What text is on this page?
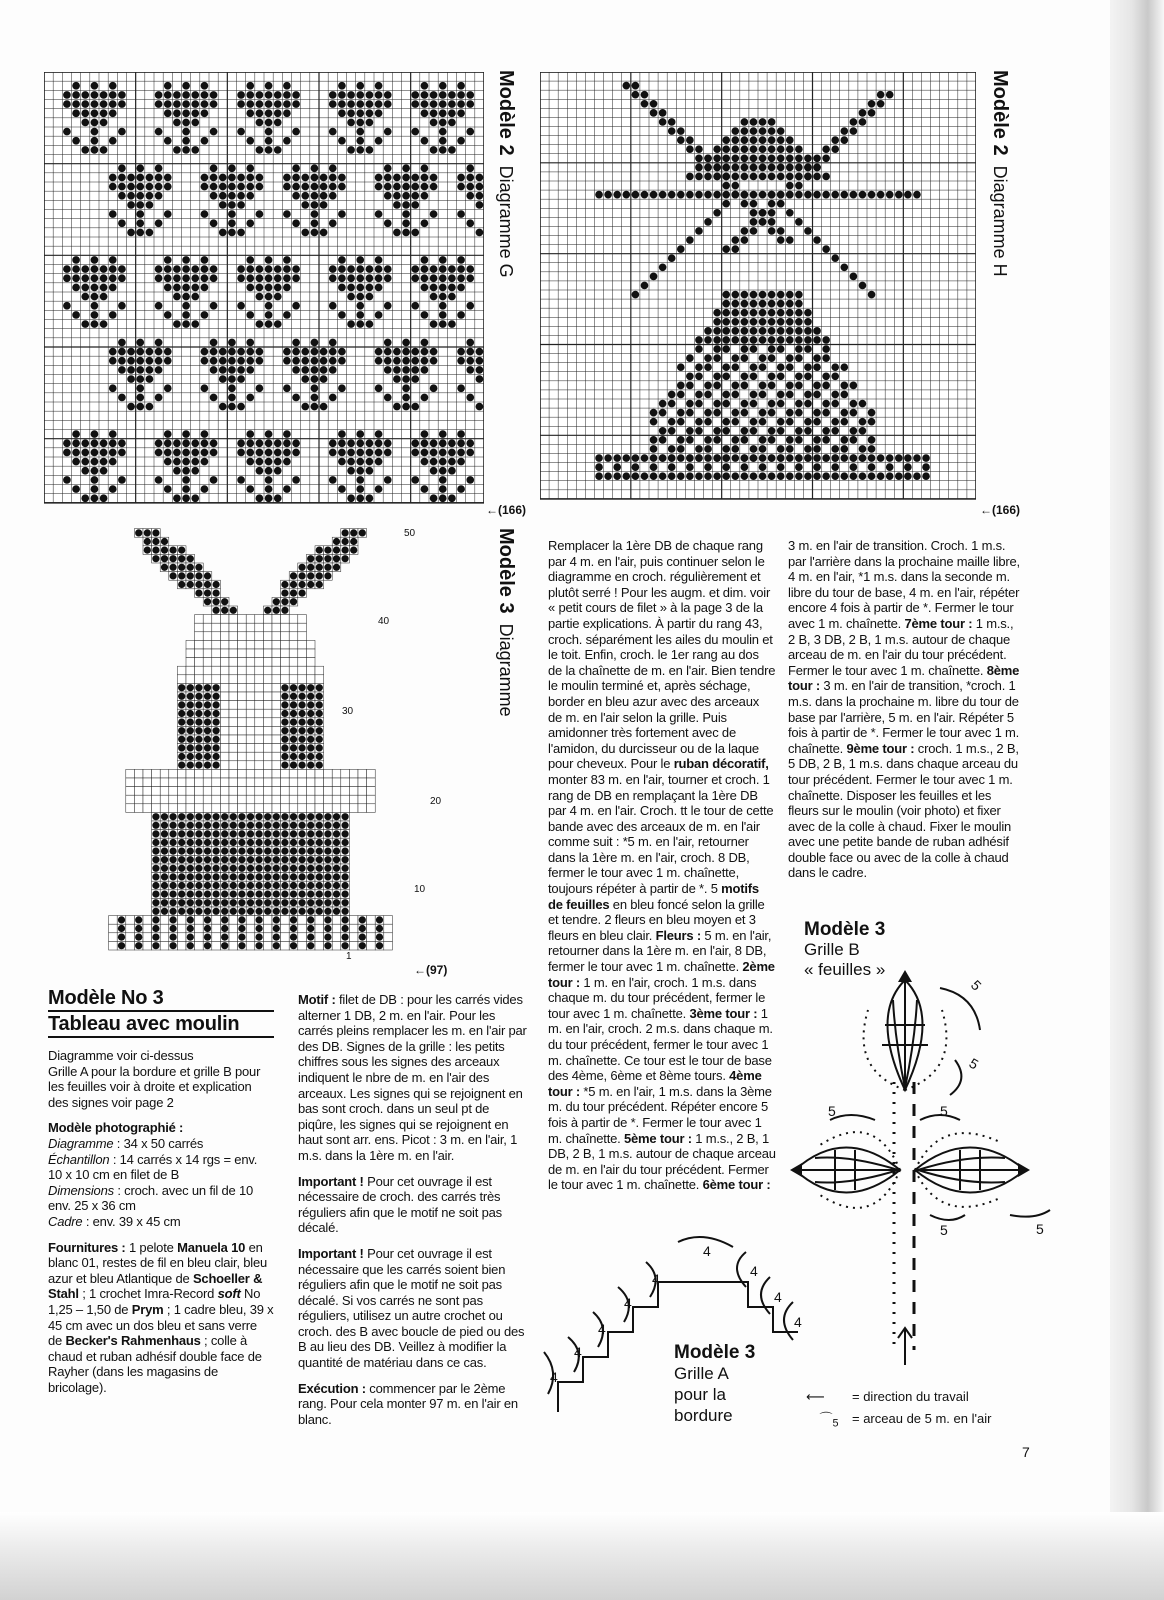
Modèle 2  Diagramme G
←(166)
Modèle 2  Diagramme H
←(166)
50
40
30
20
10
1
←(97)
Modèle 3  Diagramme
Modèle No 3
Tableau avec moulin

Diagramme voir ci-dessus
Grille A pour la bordure et grille B pour les feuilles voir à droite et explication des signes voir page 2

Modèle photographié :
Diagramme : 34 x 50 carrés
Échantillon : 14 carrés x 14 rgs = env. 10 x 10 cm en filet de B
Dimensions : croch. avec un fil de 10 env. 25 x 36 cm
Cadre : env. 39 x 45 cm

Fournitures : 1 pelote Manuela 10 en blanc 01, restes de fil en bleu clair, bleu azur et bleu Atlantique de Schoeller & Stahl ; 1 crochet Imra-Record soft No 1,25 – 1,50 de Prym ; 1 cadre bleu, 39 x 45 cm avec un dos bleu et sans verre de Becker's Rahmenhaus ; colle à chaud et ruban adhésif double face de Rayher (dans les magasins de bricolage).

Motif : filet de DB : pour les carrés vides alterner 1 DB, 2 m. en l'air. Pour les carrés pleins remplacer les m. en l'air par des DB. Signes de la grille : les petits chiffres sous les signes des arceaux indiquent le nbre de m. en l'air des arceaux. Les signes qui se rejoignent en bas sont croch. dans un seul pt de piqûre, les signes qui se rejoignent en haut sont arr. ens. Picot : 3 m. en l'air, 1 m.s. dans la 1ère m. en l'air.

Important ! Pour cet ouvrage il est nécessaire de croch. des carrés très réguliers afin que le motif ne soit pas décalé.

Important ! Pour cet ouvrage il est nécessaire que les carrés soient bien réguliers afin que le motif ne soit pas décalé. Si vos carrés ne sont pas réguliers, utilisez un autre crochet ou croch. des B avec boucle de pied ou des B au lieu des DB. Veillez à modifier la quantité de matériau dans ce cas.

Exécution : commencer par le 2ème rang. Pour cela monter 97 m. en l'air en blanc.

Remplacer la 1ère DB de chaque rang par 4 m. en l'air, puis continuer selon le diagramme en croch. régulièrement et plutôt serré ! Pour les augm. et dim. voir « petit cours de filet » à la page 3 de la partie explications. À partir du rang 43, croch. séparément les ailes du moulin et le toit. Enfin, croch. le 1er rang au dos de la chaînette de m. en l'air. Bien tendre le moulin terminé et, après séchage, border en bleu azur avec des arceaux de m. en l'air selon la grille. Puis amidonner très fortement avec de l'amidon, du durcisseur ou de la laque pour cheveux. Pour le ruban décoratif, monter 83 m. en l'air, tourner et croch. 1 rang de DB en remplaçant la 1ère DB par 4 m. en l'air. Croch. tt le tour de cette bande avec des arceaux de m. en l'air comme suit : *5 m. en l'air, retourner dans la 1ère m. en l'air, croch. 8 DB, fermer le tour avec 1 m. chaînette, toujours répéter à partir de *. 5 motifs de feuilles en bleu foncé selon la grille et tendre. 2 fleurs en bleu moyen et 3 fleurs en bleu clair. Fleurs : 5 m. en l'air, retourner dans la 1ère m. en l'air, 8 DB, fermer le tour avec 1 m. chaînette. 2ème tour : 1 m. en l'air, croch. 1 m.s. dans chaque m. du tour précédent, fermer le tour avec 1 m. chaînette. 3ème tour : 1 m. en l'air, croch. 2 m.s. dans chaque m. du tour précédent, fermer le tour avec 1 m. chaînette. Ce tour est le tour de base des 4ème, 6ème et 8ème tours. 4ème tour : *5 m. en l'air, 1 m.s. dans la 3ème m. du tour précédent. Répéter encore 5 fois à partir de *. Fermer le tour avec 1 m. chaînette. 5ème tour : 1 m.s., 2 B, 1 DB, 2 B, 1 m.s. autour de chaque arceau de m. en l'air du tour précédent. Fermer le tour avec 1 m. chaînette. 6ème tour :

3 m. en l'air de transition. Croch. 1 m.s. par l'arrière dans la prochaine maille libre, 4 m. en l'air, *1 m.s. dans la seconde m. libre du tour de base, 4 m. en l'air, répéter encore 4 fois à partir de *. Fermer le tour avec 1 m. chaînette. 7ème tour : 1 m.s., 2 B, 3 DB, 2 B, 1 m.s. autour de chaque arceau de m. en l'air du tour précédent. Fermer le tour avec 1 m. chaînette. 8ème tour : 3 m. en l'air de transition, *croch. 1 m.s. dans la prochaine m. libre du tour de base par l'arrière, 5 m. en l'air. Répéter 5 fois à partir de *. Fermer le tour avec 1 m. chaînette. 9ème tour : croch. 1 m.s., 2 B, 5 DB, 2 B, 1 m.s. dans chaque arceau du tour précédent. Fermer le tour avec 1 m. chaînette. Disposer les feuilles et les fleurs sur le moulin (voir photo) et fixer avec de la colle à chaud. Fixer le moulin avec une petite bande de ruban adhésif double face ou avec de la colle à chaud dans le cadre.

Modèle 3
Grille B
« feuilles »
5
5
5	5
5	5
4
4
4
4
4
4
4
4
4
Modèle 3
Grille A
pour la
bordure
⟵ = direction du travail
$⌒_5$ = arceau de 5 m. en l'air
7
